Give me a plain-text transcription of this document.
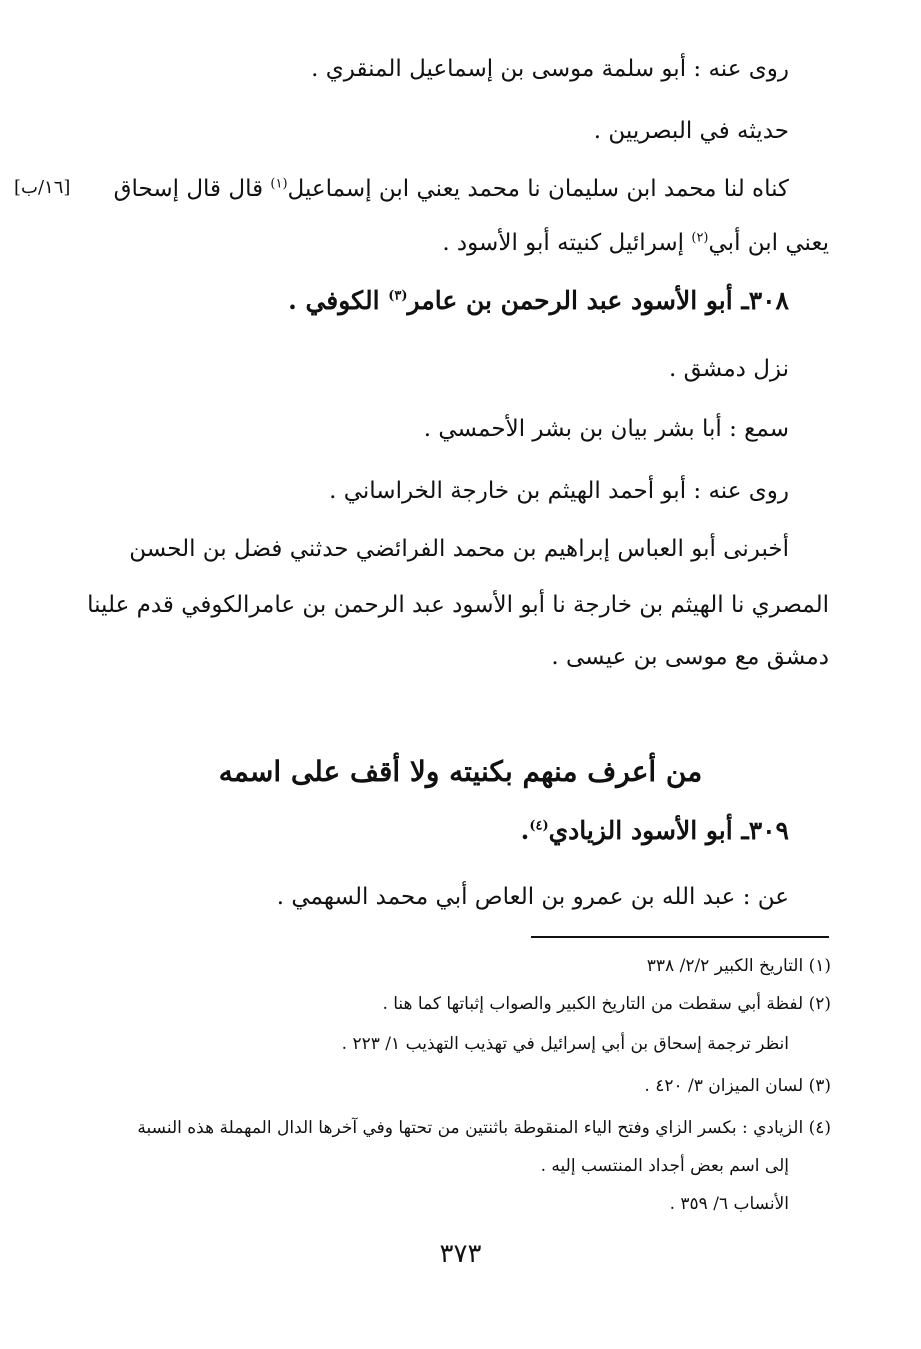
روى عنه : أبو سلمة موسى بن إسماعيل المنقري .
حديثه في البصريين .
كناه لنا محمد ابن سليمان نا محمد يعني ابن إسماعيل$^{(١)}$ قال قال إسحاق
[١٦/ب]
يعني ابن أبي$^{(٢)}$ إسرائيل كنيته أبو الأسود .
٣٠٨ـ أبو الأسود عبد الرحمن بن عامر$^{(٣)}$ الكوفي .
نزل دمشق .
سمع : أبا بشر بيان بن بشر الأحمسي .
روى عنه : أبو أحمد الهيثم بن خارجة الخراساني .
أخبرنى أبو العباس إبراهيم بن محمد الفرائضي حدثني فضل بن الحسن
المصري نا الهيثم بن خارجة نا أبو الأسود عبد الرحمن بن عامرالكوفي قدم علينا
دمشق مع موسى بن عيسى .
من أعرف منهم بكنيته ولا أقف على اسمه
٣٠٩ـ أبو الأسود الزيادي$^{(٤)}$.
عن : عبد الله بن عمرو بن العاص أبي محمد السهمي .
(١) التاريخ الكبير ٢/٢/ ٣٣٨
(٢) لفظة أبي سقطت من التاريخ الكبير والصواب إثباتها كما هنا .
انظر ترجمة إسحاق بن أبي إسرائيل في تهذيب التهذيب ١/ ٢٢٣ .
(٣) لسان الميزان ٣/ ٤٢٠ .
(٤) الزيادي : بكسر الزاي وفتح الياء المنقوطة باثنتين من تحتها وفي آخرها الدال المهملة هذه النسبة
إلى اسم بعض أجداد المنتسب إليه .
الأنساب ٦/ ٣٥٩ .
٣٧٣
